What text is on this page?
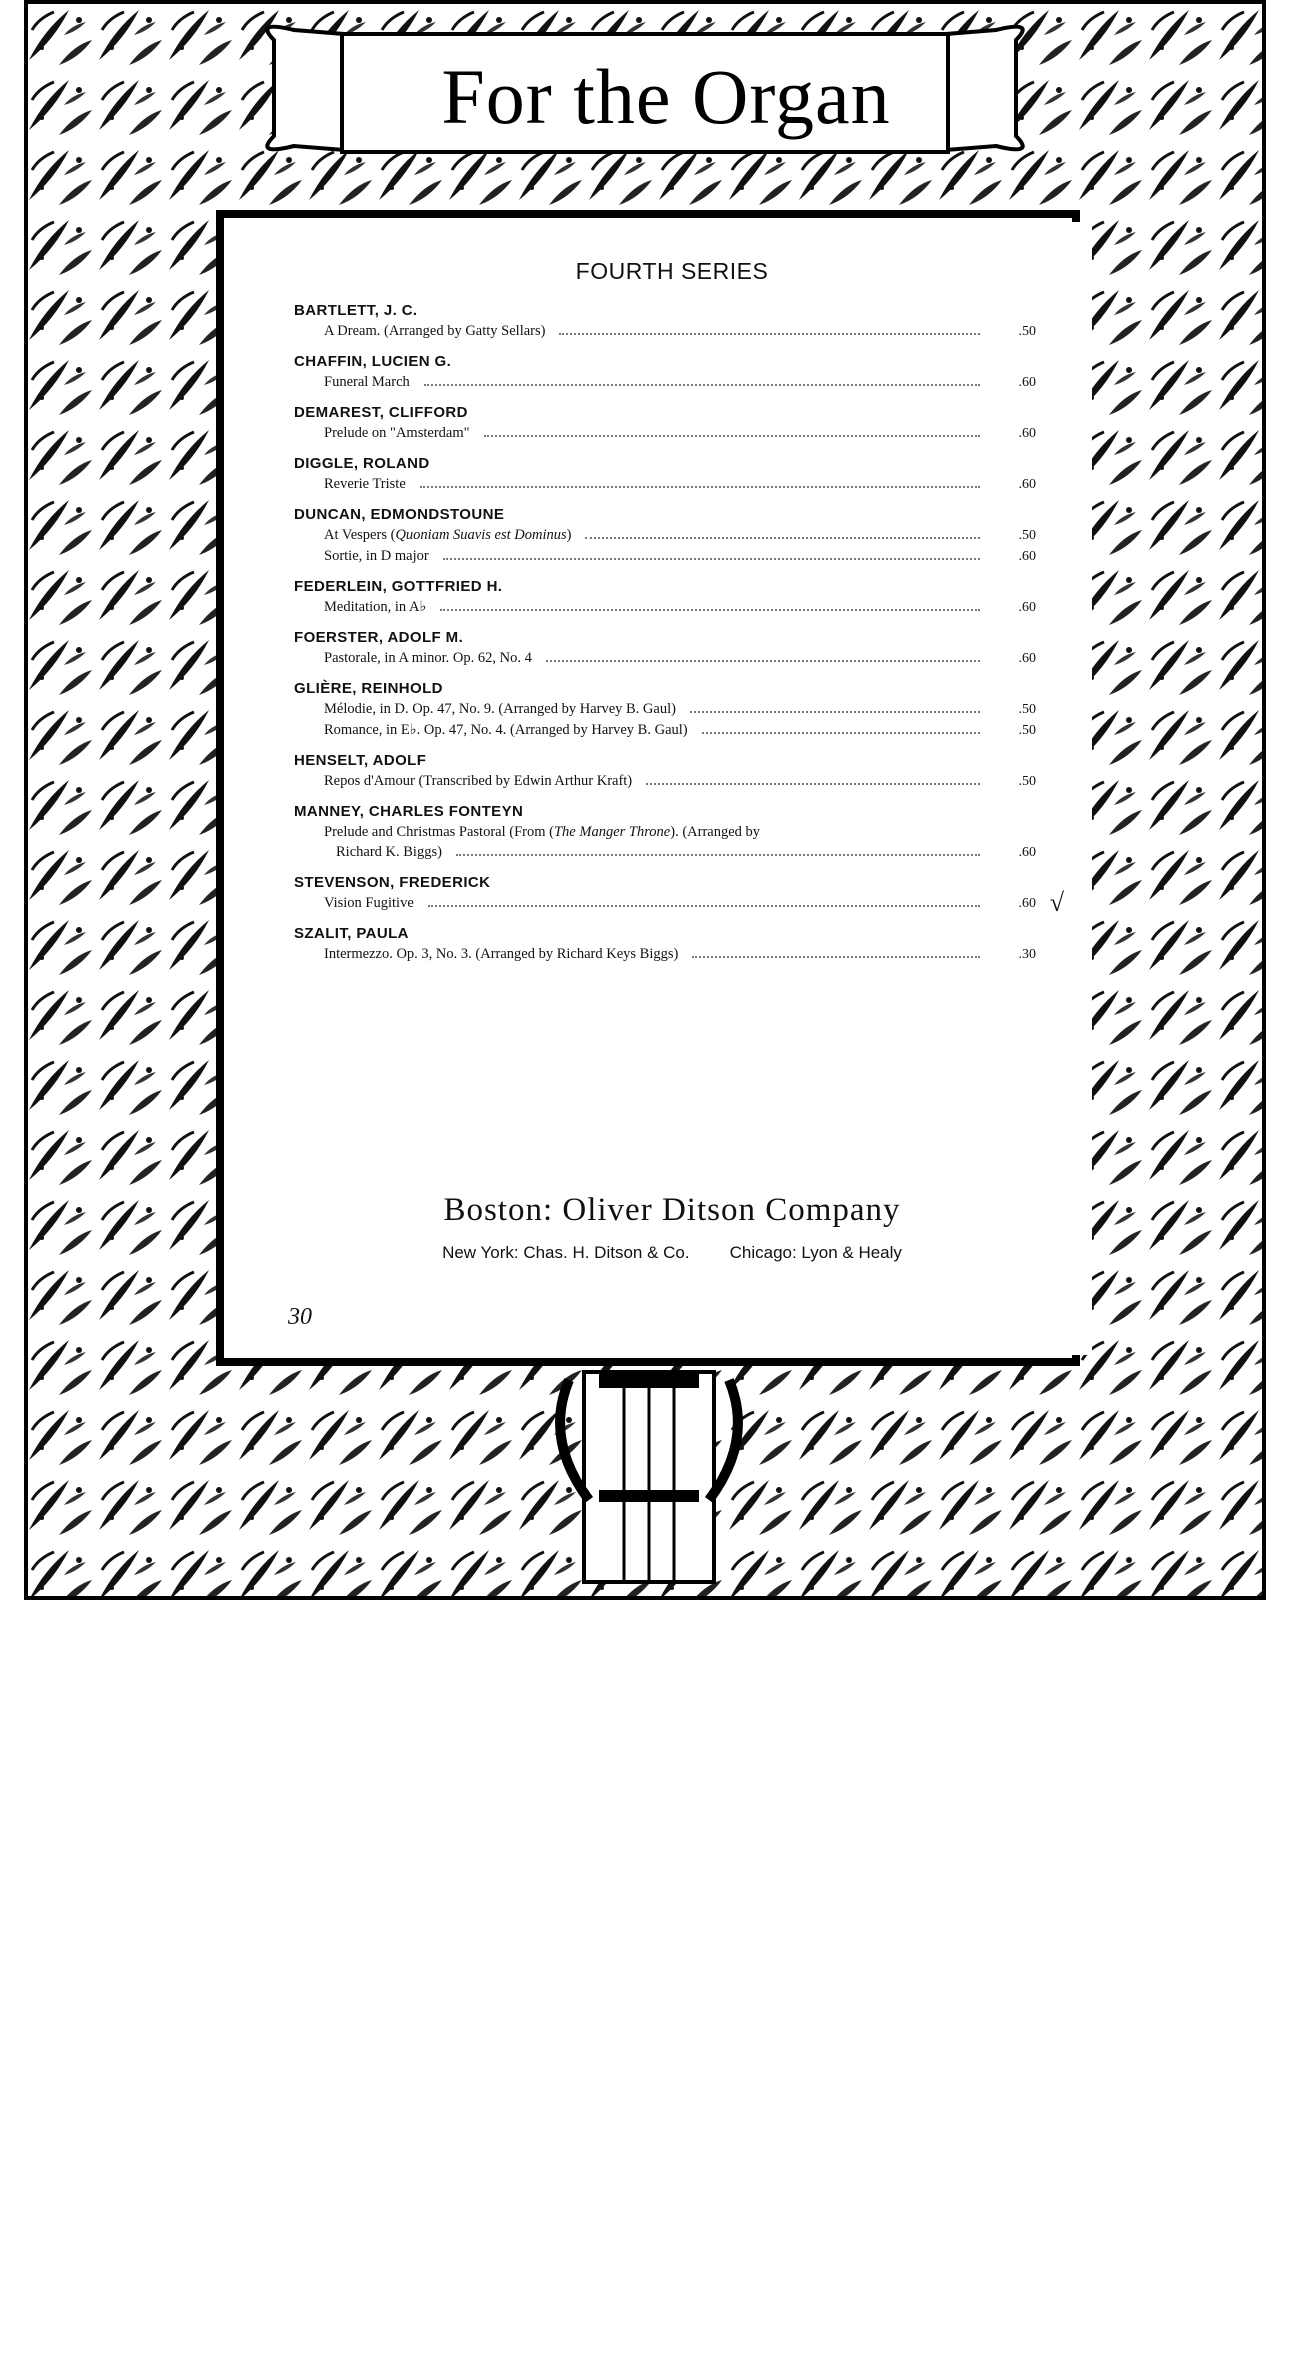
For the Organ
FOURTH SERIES
BARTLETT, J. C.
A Dream. (Arranged by Gatty Sellars)	.50
CHAFFIN, LUCIEN G.
Funeral March	.60
DEMAREST, CLIFFORD
Prelude on "Amsterdam"	.60
DIGGLE, ROLAND
Reverie Triste	.60
DUNCAN, EDMONDSTOUNE
At Vespers (Quoniam Suavis est Dominus)	.50
Sortie, in D major	.60
FEDERLEIN, GOTTFRIED H.
Meditation, in A♭	.60
FOERSTER, ADOLF M.
Pastorale, in A minor. Op. 62, No. 4	.60
GLIÈRE, REINHOLD
Mélodie, in D. Op. 47, No. 9. (Arranged by Harvey B. Gaul)	.50
Romance, in E♭. Op. 47, No. 4. (Arranged by Harvey B. Gaul)	.50
HENSELT, ADOLF
Repos d'Amour (Transcribed by Edwin Arthur Kraft)	.50
MANNEY, CHARLES FONTEYN
Prelude and Christmas Pastoral (From (The Manger Throne). (Arranged by
Richard K. Biggs)	.60
STEVENSON, FREDERICK
Vision Fugitive	.60 √
SZALIT, PAULA
Intermezzo. Op. 3, No. 3. (Arranged by Richard Keys Biggs)	.30
Boston: Oliver Ditson Company
New York: Chas. H. Ditson & Co. Chicago: Lyon & Healy
30
